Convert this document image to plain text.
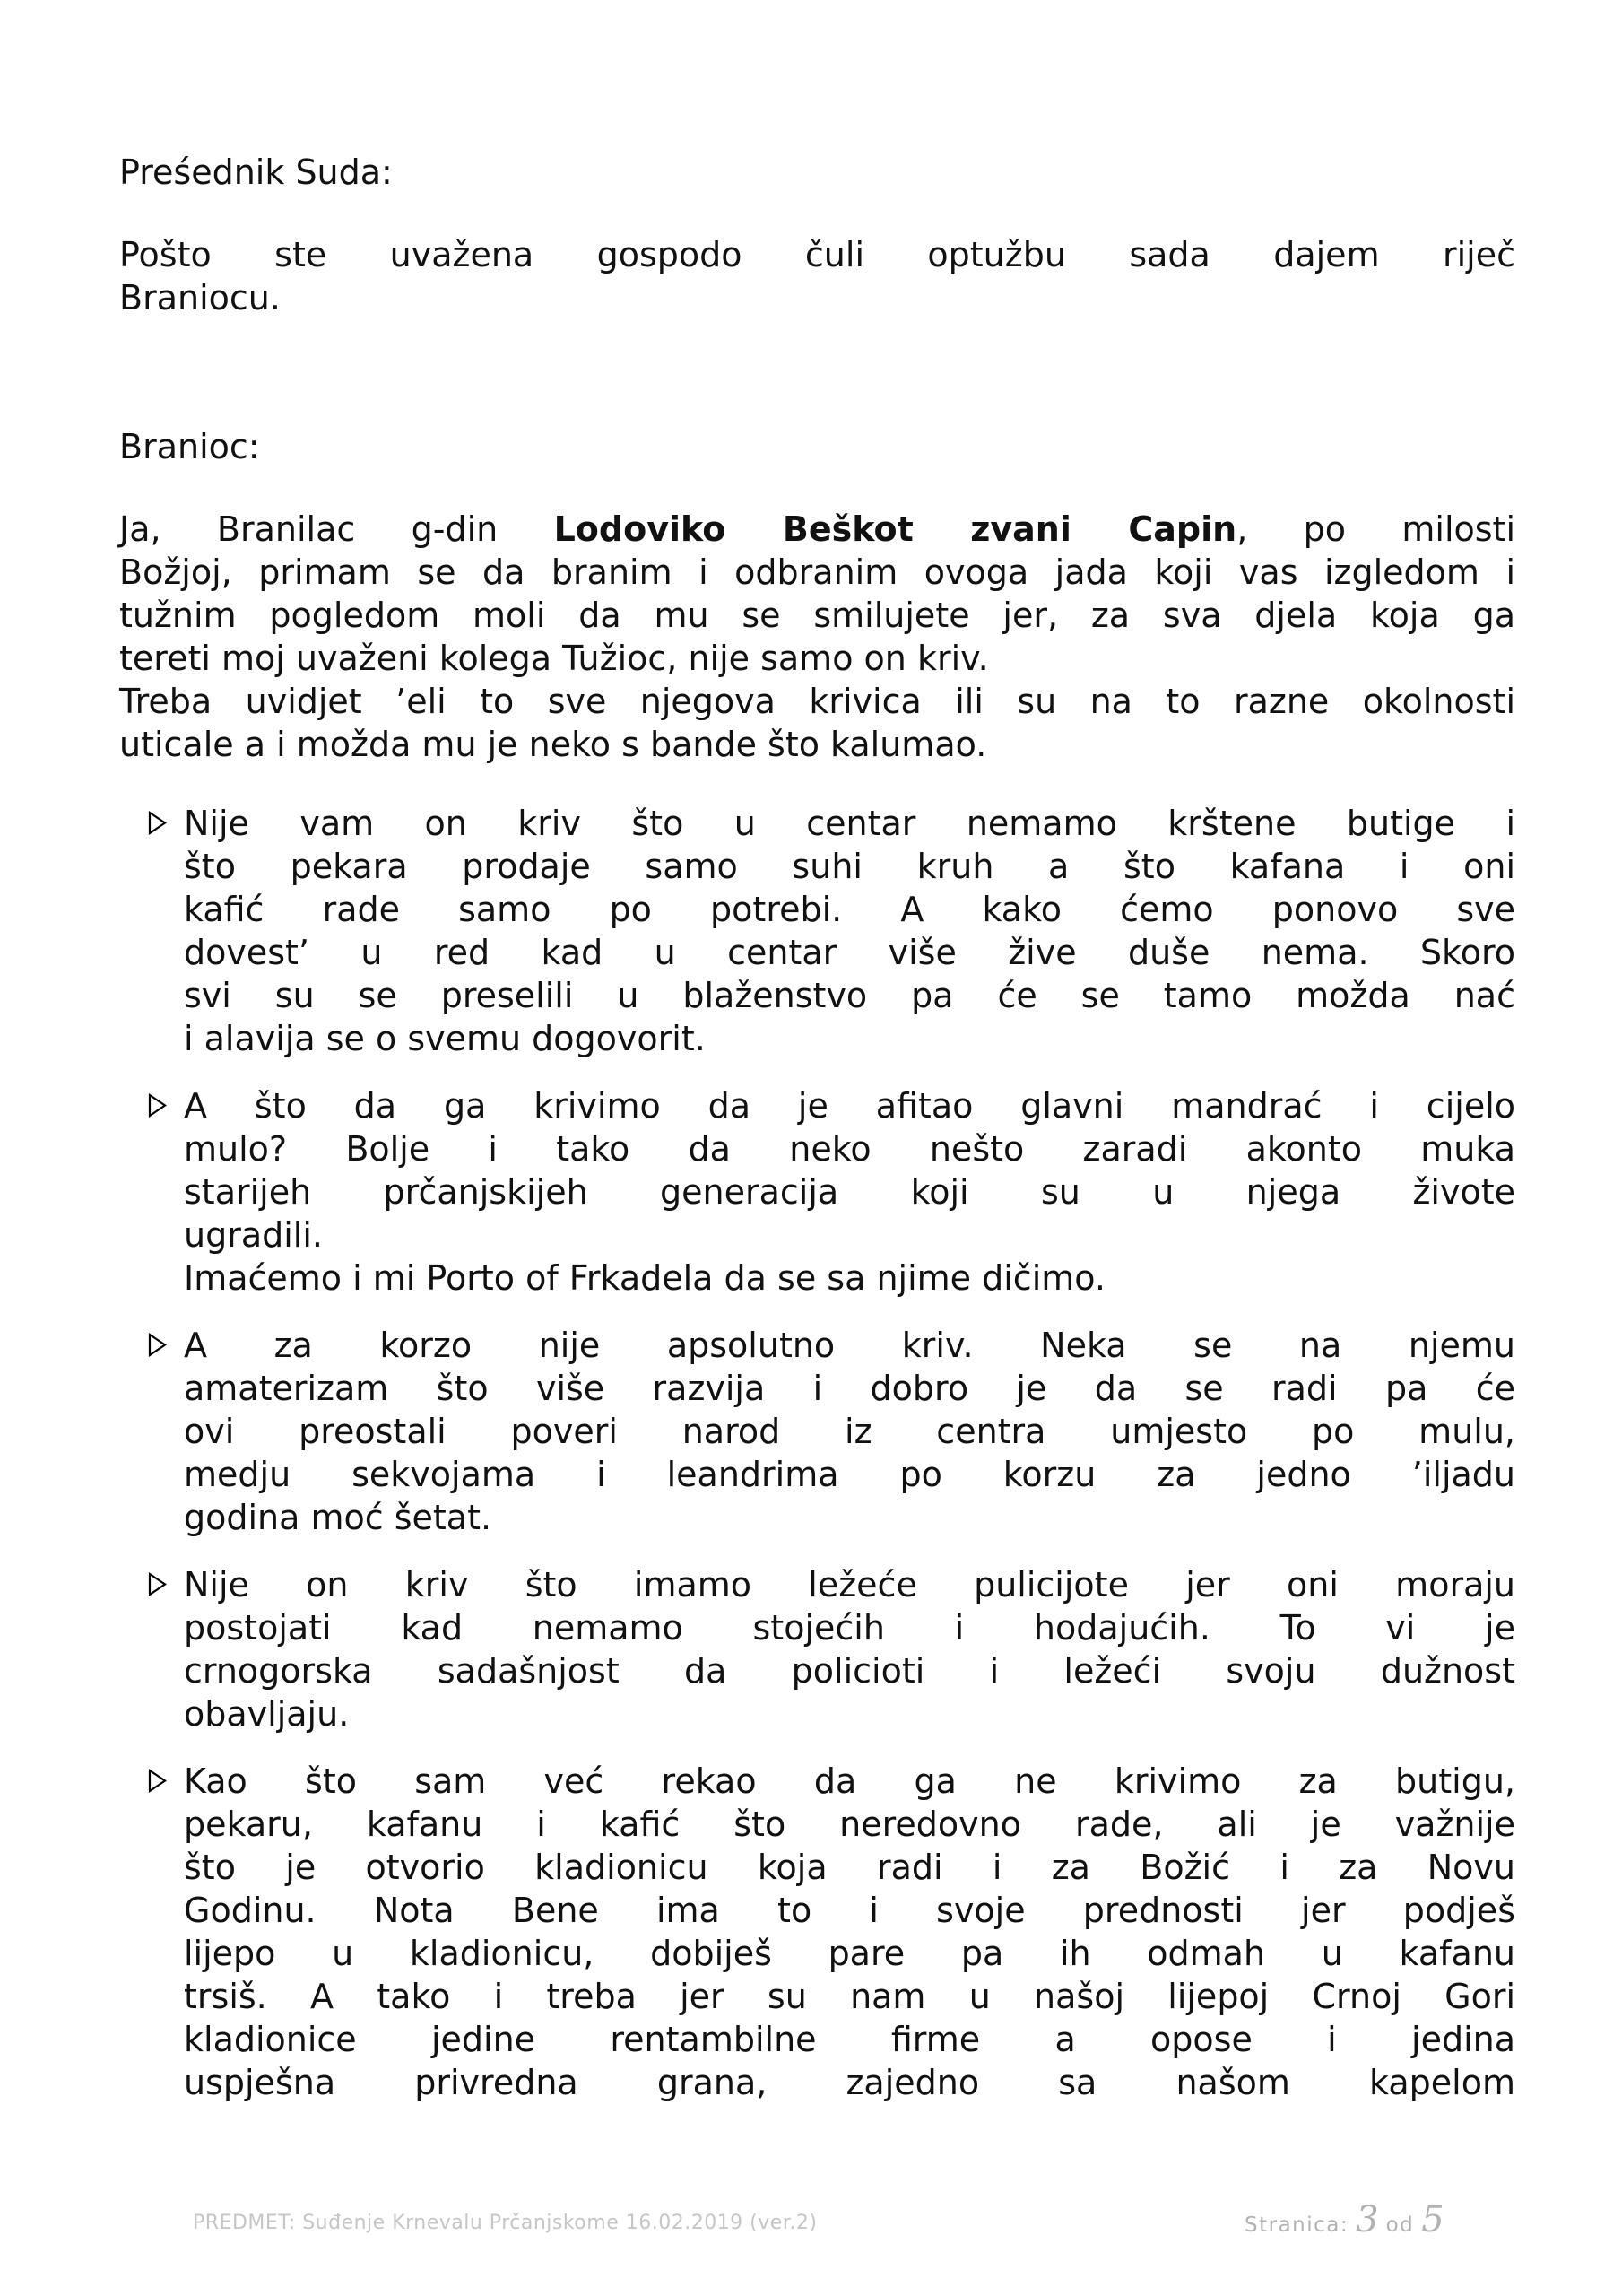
Preśednik Suda:
Pošto ste uvažena gospodo čuli optužbu sada dajem riječ
Braniocu.
Branioc:
Ja, Branilac g-din Lodoviko Beškot zvani Capin, po milosti
Božjoj, primam se da branim i odbranim ovoga jada koji vas izgledom i
tužnim pogledom moli da mu se smilujete jer, za sva djela koja ga
tereti moj uvaženi kolega Tužioc, nije samo on kriv.
Treba uvidjet ’eli to sve njegova krivica ili su na to razne okolnosti
uticale a i možda mu je neko s bande što kalumao.
Nije vam on kriv što u centar nemamo krštene butige i
što pekara prodaje samo suhi kruh a što kafana i oni
kafić rade samo po potrebi. A kako ćemo ponovo sve
dovest’ u red kad u centar više žive duše nema. Skoro
svi su se preselili u blaženstvo pa će se tamo možda nać
i alavija se o svemu dogovorit.
A što da ga krivimo da je afitao glavni mandrać i cijelo
mulo? Bolje i tako da neko nešto zaradi akonto muka
starijeh prčanjskijeh generacija koji su u njega živote
ugradili.
Imaćemo i mi Porto of Frkadela da se sa njime dičimo.
A za korzo nije apsolutno kriv. Neka se na njemu
amaterizam što više razvija i dobro je da se radi pa će
ovi preostali poveri narod iz centra umjesto po mulu,
medju sekvojama i leandrima po korzu za jedno ’iljadu
godina moć šetat.
Nije on kriv što imamo ležeće pulicijote jer oni moraju
postojati kad nemamo stojećih i hodajućih. To vi je
crnogorska sadašnjost da policioti i ležeći svoju dužnost
obavljaju.
Kao što sam već rekao da ga ne krivimo za butigu,
pekaru, kafanu i kafić što neredovno rade, ali je važnije
što je otvorio kladionicu koja radi i za Božić i za Novu
Godinu. Nota Bene ima to i svoje prednosti jer podješ
lijepo u kladionicu, dobiješ pare pa ih odmah u kafanu
trsiš. A tako i treba jer su nam u našoj lijepoj Crnoj Gori
kladionice jedine rentambilne firme a opose i jedina
uspješna privredna grana, zajedno sa našom kapelom
PREDMET: Suđenje Krnevalu Prčanjskome 16.02.2019 (ver.2)	Stranica: 3 od 5
